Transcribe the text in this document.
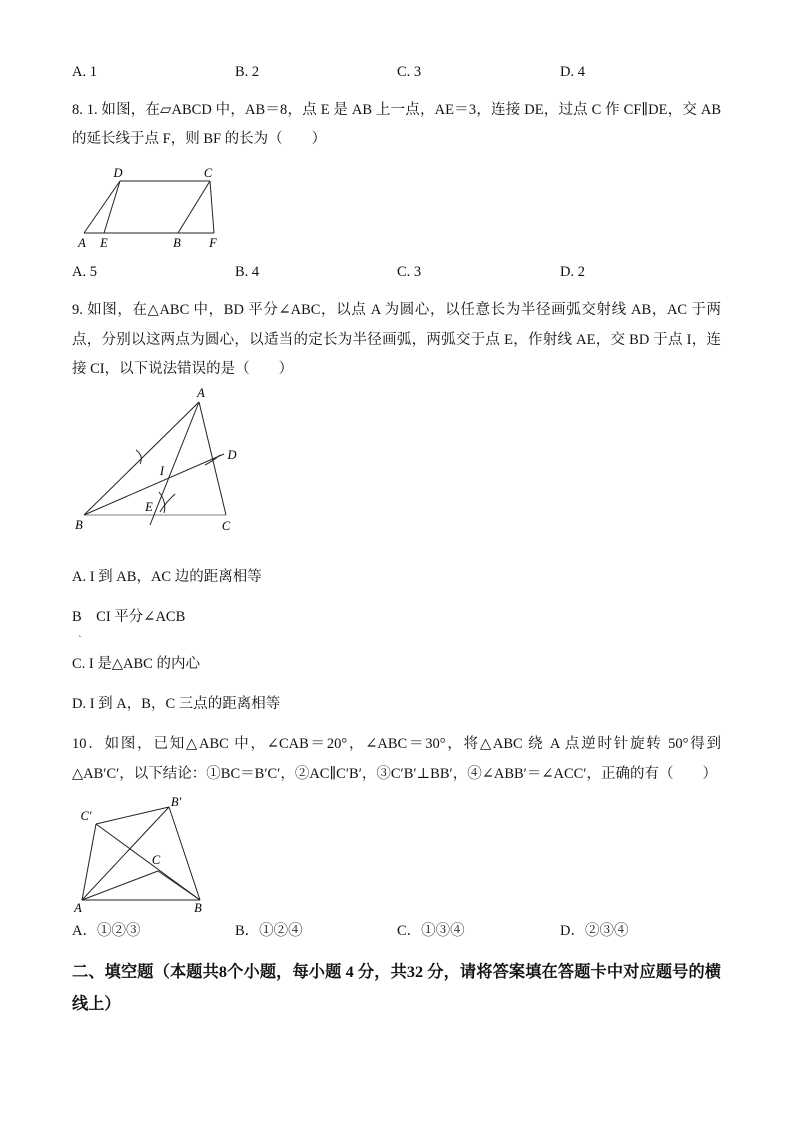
A. 1	B. 2	C. 3	D. 4

8. 1. 如图，在▱ABCD 中，AB＝8，点 E 是 AB 上一点，AE＝3，连接 DE，过点 C 作 CF∥DE，交 AB 的延长线于点 F，则 BF 的长为（　　）

D	C
A E	B F
A. 5	B. 4	C. 3	D. 2

9. 如图，在△ABC 中，BD 平分∠ABC，以点 A 为圆心，以任意长为半径画弧交射线 AB，AC 于两点，分别以这两点为圆心，以适当的定长为半径画弧，两弧交于点 E，作射线 AE，交 BD 于点 I，连接 CI，以下说法错误的是（　　）

A
B	C
D
I
E

A. I 到 AB，AC 边的距离相等

B　CI 平分∠ACB

`

C. I 是△ABC 的内心

D. I 到 A，B，C 三点的距离相等

10．如图，已知△ABC 中，∠CAB＝20°，∠ABC＝30°，将△ABC 绕 A 点逆时针旋转 50°得到△AB′C′，以下结论：①BC＝B′C′，②AC∥C′B′，③C′B′⊥BB′，④∠ABB′＝∠ACC′，正确的有（　　）

A	B
C
B′
C′
A．①②③	B．①②④	C．①③④	D．②③④

二、填空题（本题共8个小题，每小题 4 分，共32 分，请将答案填在答题卡中对应题号的横线上）
